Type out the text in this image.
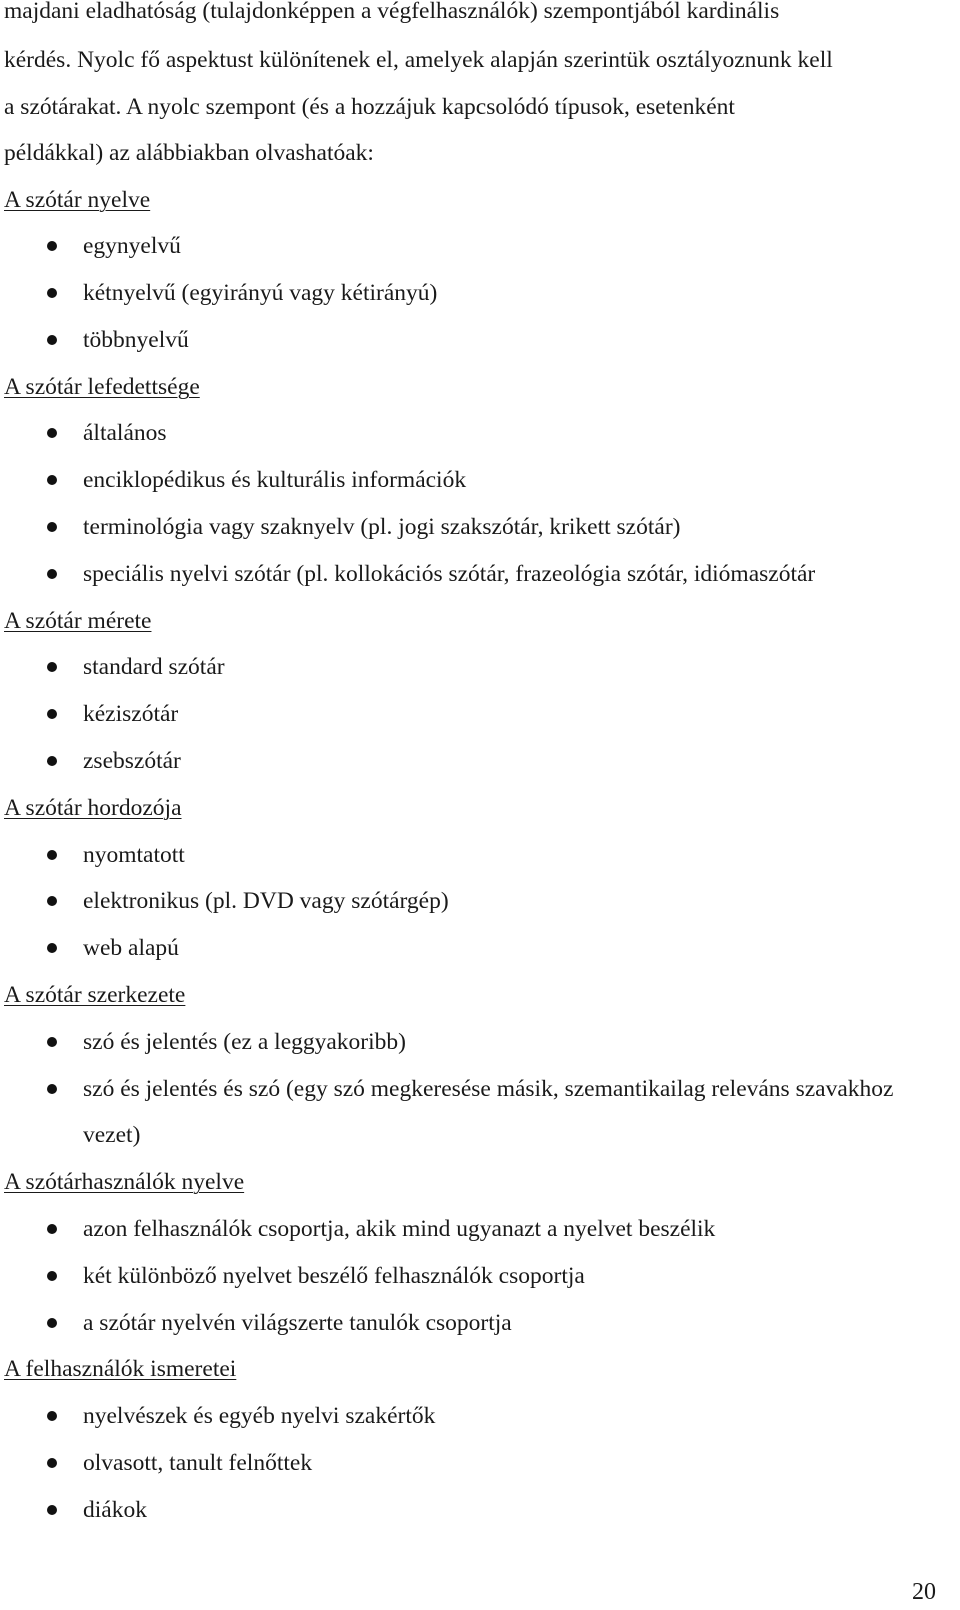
majdani eladhatóság (tulajdonképpen a végfelhasználók) szempontjából kardinális

kérdés. Nyolc fő aspektust különítenek el, amelyek alapján szerintük osztályoznunk kell

a szótárakat. A nyolc szempont (és a hozzájuk kapcsolódó típusok, esetenként

példákkal) az alábbiakban olvashatóak:

A szótár nyelve

egynyelvű
kétnyelvű (egyirányú vagy kétirányú)
többnyelvű

A szótár lefedettsége

általános
enciklopédikus és kulturális információk
terminológia vagy szaknyelv (pl. jogi szakszótár, krikett szótár)
speciális nyelvi szótár (pl. kollokációs szótár, frazeológia szótár, idiómaszótár

A szótár mérete

standard szótár
kéziszótár
zsebszótár

A szótár hordozója

nyomtatott
elektronikus (pl. DVD vagy szótárgép)
web alapú

A szótár szerkezete

szó és jelentés (ez a leggyakoribb)
szó és jelentés és szó (egy szó megkeresése másik, szemantikailag releváns szavakhoz vezet)

A szótárhasználók nyelve

azon felhasználók csoportja, akik mind ugyanazt a nyelvet beszélik
két különböző nyelvet beszélő felhasználók csoportja
a szótár nyelvén világszerte tanulók csoportja

A felhasználók ismeretei

nyelvészek és egyéb nyelvi szakértők
olvasott, tanult felnőttek
diákok
20
